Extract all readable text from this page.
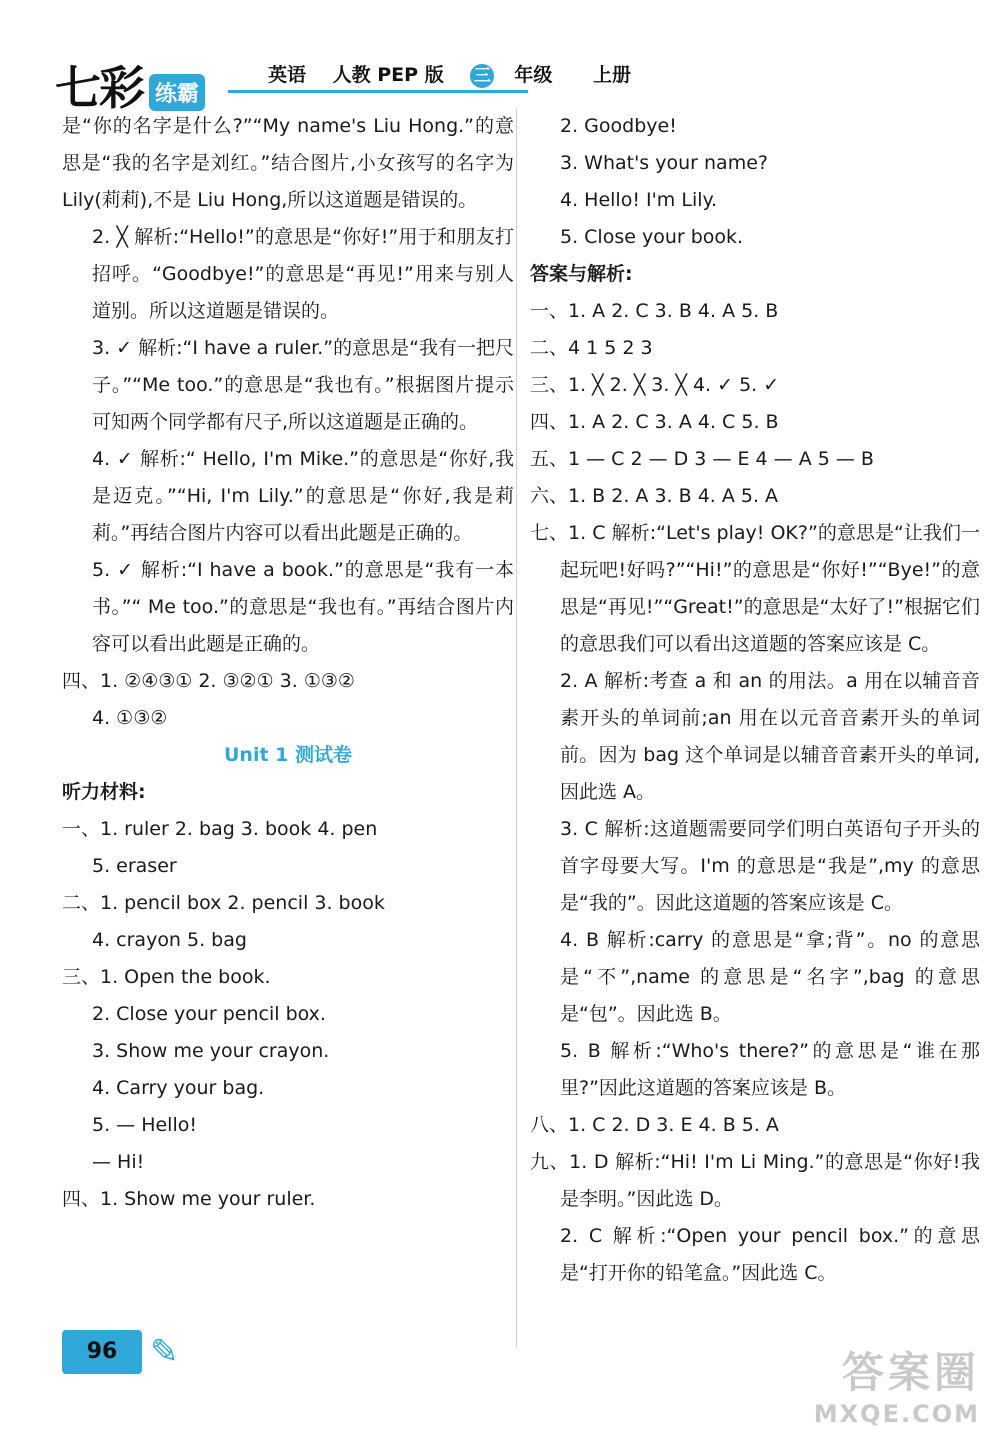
七彩 练霸
英语 人教 PEP 版 三 年级 上册
是“你的名字是什么?”“My name's Liu Hong.”的意思是“我的名字是刘红。”结合图片,小女孩写的名字为 Lily(莉莉),不是 Liu Hong,所以这道题是错误的。
2. ╳ 解析:“Hello!”的意思是“你好!”用于和朋友打招呼。“Goodbye!”的意思是“再见!”用来与别人道别。所以这道题是错误的。
3. ✓ 解析:“I have a ruler.”的意思是“我有一把尺子。”“Me too.”的意思是“我也有。”根据图片提示可知两个同学都有尺子,所以这道题是正确的。
4. ✓ 解析:“ Hello, I'm Mike.”的意思是“你好,我是迈克。”“Hi, I'm Lily.”的意思是“你好,我是莉莉。”再结合图片内容可以看出此题是正确的。
5. ✓ 解析:“I have a book.”的意思是“我有一本书。”“ Me too.”的意思是“我也有。”再结合图片内容可以看出此题是正确的。
四、1. ②④③① 2. ③②① 3. ①③②
4. ①③②
Unit 1 测试卷
听力材料:
一、1. ruler 2. bag 3. book 4. pen
5. eraser
二、1. pencil box 2. pencil 3. book
4. crayon 5. bag
三、1. Open the book.
2. Close your pencil box.
3. Show me your crayon.
4. Carry your bag.
5. — Hello!
— Hi!
四、1. Show me your ruler.
2. Goodbye!
3. What's your name?
4. Hello! I'm Lily.
5. Close your book.
答案与解析:
一、1. A 2. C 3. B 4. A 5. B
二、4 1 5 2 3
三、1. ╳ 2. ╳ 3. ╳ 4. ✓ 5. ✓
四、1. A 2. C 3. A 4. C 5. B
五、1 — C 2 — D 3 — E 4 — A 5 — B
六、1. B 2. A 3. B 4. A 5. A
七、1. C 解析:“Let's play! OK?”的意思是“让我们一起玩吧!好吗?”“Hi!”的意思是“你好!”“Bye!”的意思是“再见!”“Great!”的意思是“太好了!”根据它们的意思我们可以看出这道题的答案应该是 C。
2. A 解析:考查 a 和 an 的用法。a 用在以辅音音素开头的单词前;an 用在以元音音素开头的单词前。因为 bag 这个单词是以辅音音素开头的单词,因此选 A。
3. C 解析:这道题需要同学们明白英语句子开头的首字母要大写。I'm 的意思是“我是”,my 的意思是“我的”。因此这道题的答案应该是 C。
4. B 解析:carry 的意思是“拿;背”。no 的意思是“不”,name 的意思是“名字”,bag 的意思是“包”。因此选 B。
5. B 解析:“Who's there?”的意思是“谁在那里?”因此这道题的答案应该是 B。
八、1. C 2. D 3. E 4. B 5. A
九、1. D 解析:“Hi! I'm Li Ming.”的意思是“你好!我是李明。”因此选 D。
2. C 解析:“Open your pencil box.”的意思是“打开你的铅笔盒。”因此选 C。
96 ✎	答案圈
MXQE.COM
